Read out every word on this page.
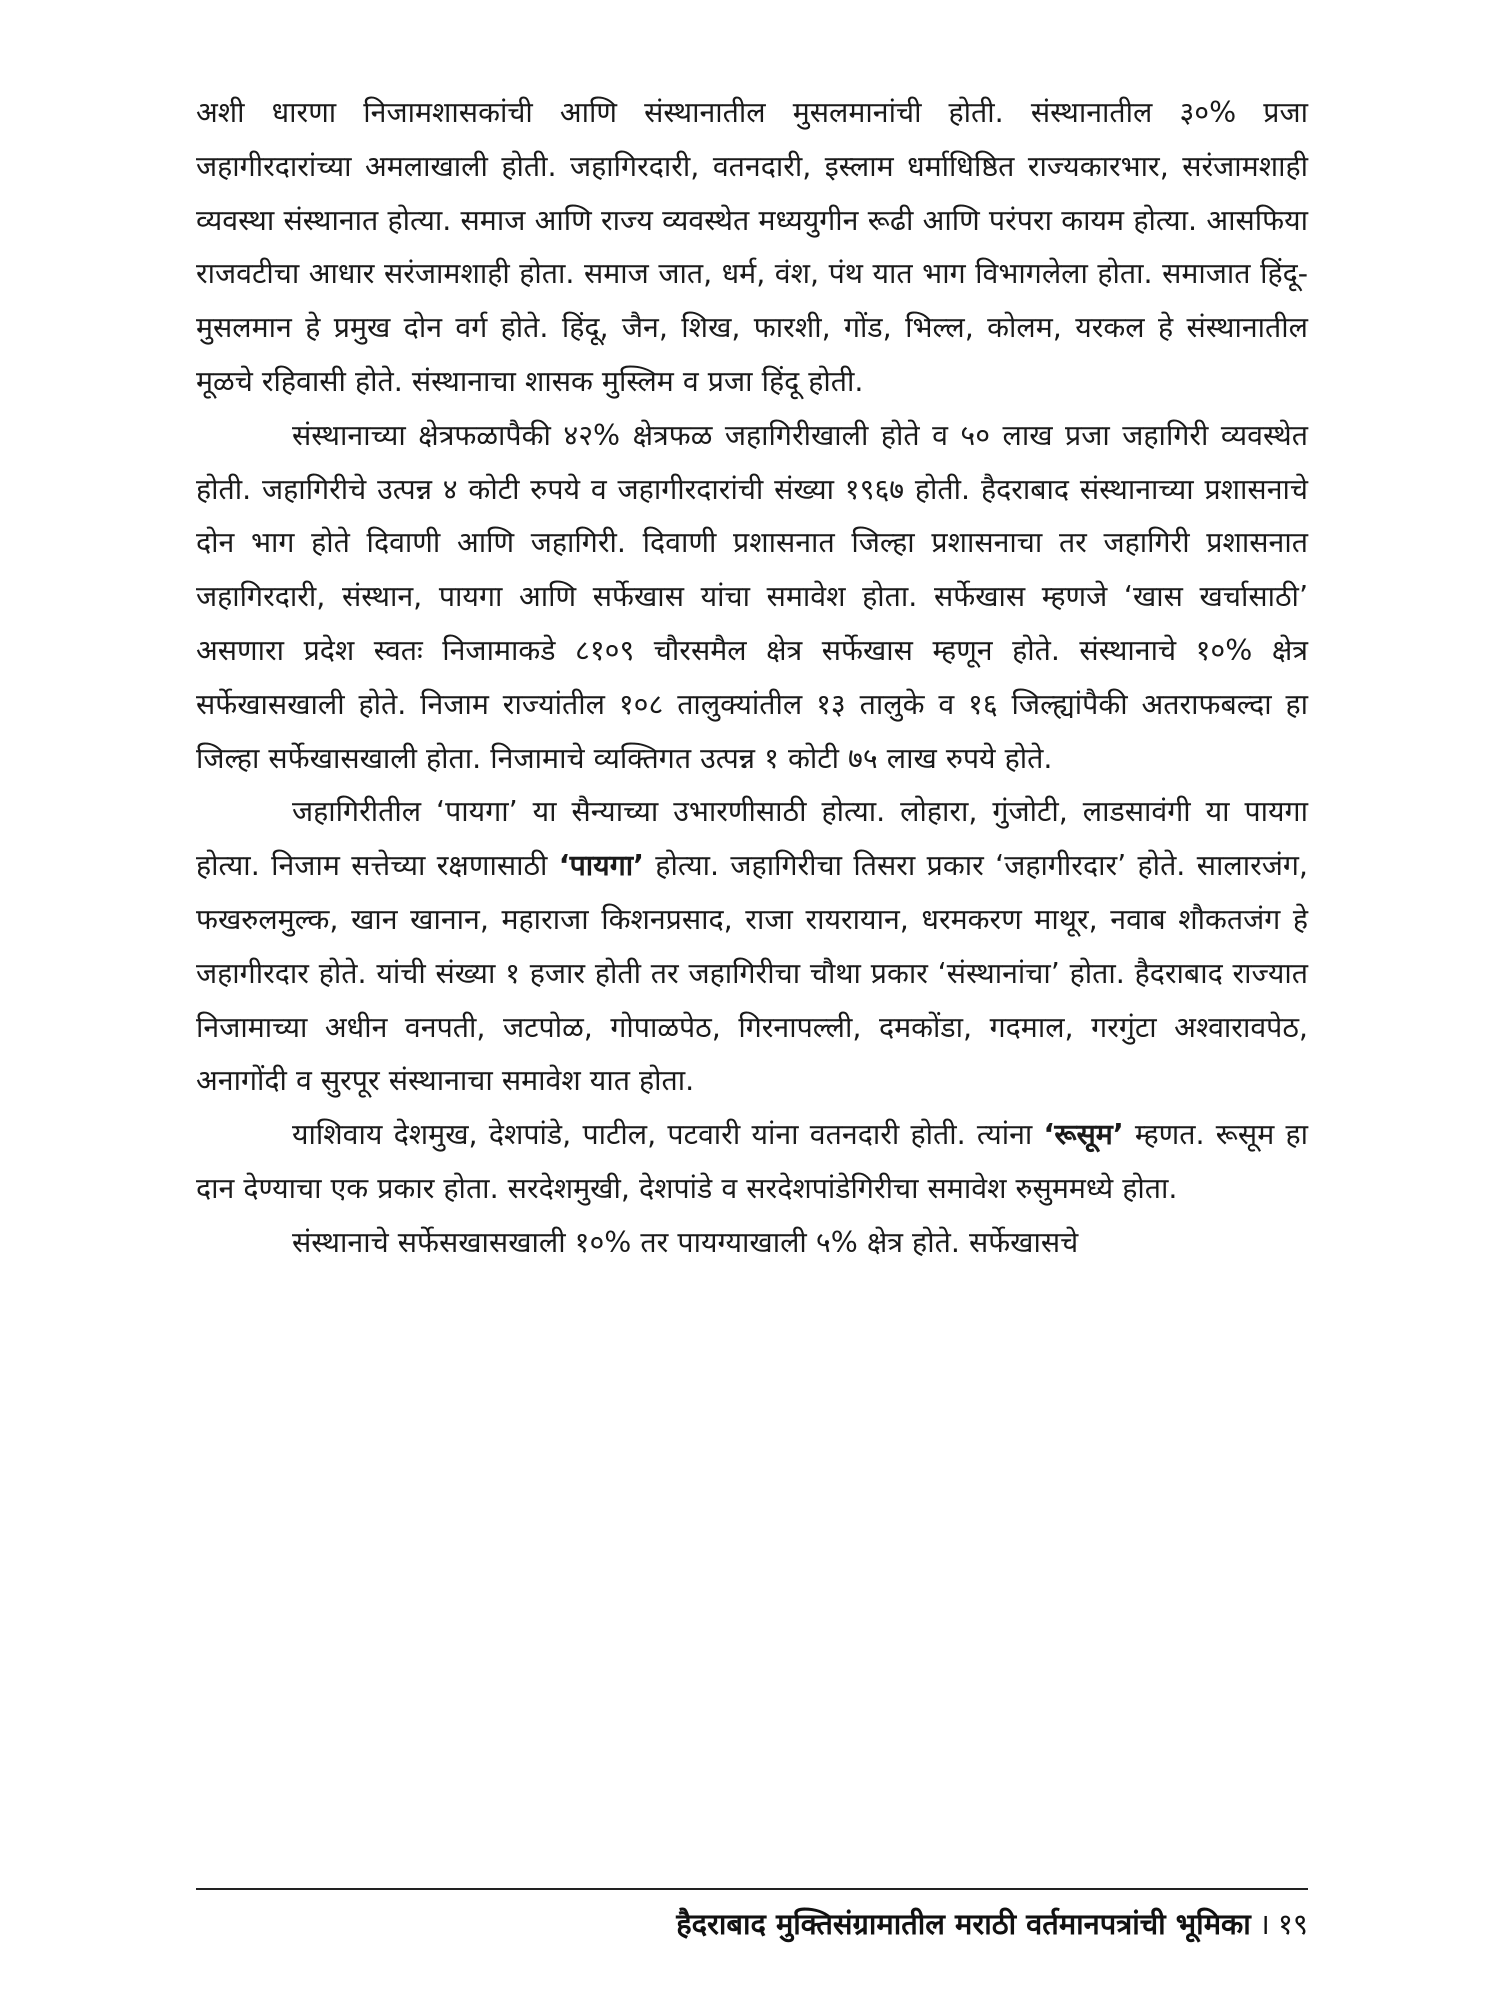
अशी धारणा निजामशासकांची आणि संस्थानातील मुसलमानांची होती. संस्थानातील ३०% प्रजा जहागीरदारांच्या अमलाखाली होती. जहागिरदारी, वतनदारी, इस्लाम धर्माधिष्ठित राज्यकारभार, सरंजामशाही व्यवस्था संस्थानात होत्या. समाज आणि राज्य व्यवस्थेत मध्ययुगीन रूढी आणि परंपरा कायम होत्या. आसफिया राजवटीचा आधार सरंजामशाही होता. समाज जात, धर्म, वंश, पंथ यात भाग विभागलेला होता. समाजात हिंदू-मुसलमान हे प्रमुख दोन वर्ग होते. हिंदू, जैन, शिख, फारशी, गोंड, भिल्ल, कोलम, यरकल हे संस्थानातील मूळचे रहिवासी होते. संस्थानाचा शासक मुस्लिम व प्रजा हिंदू होती.

संस्थानाच्या क्षेत्रफळापैकी ४२% क्षेत्रफळ जहागिरीखाली होते व ५० लाख प्रजा जहागिरी व्यवस्थेत होती. जहागिरीचे उत्पन्न ४ कोटी रुपये व जहागीरदारांची संख्या १९६७ होती. हैदराबाद संस्थानाच्या प्रशासनाचे दोन भाग होते दिवाणी आणि जहागिरी. दिवाणी प्रशासनात जिल्हा प्रशासनाचा तर जहागिरी प्रशासनात जहागिरदारी, संस्थान, पायगा आणि सर्फेखास यांचा समावेश होता. सर्फेखास म्हणजे ‘खास खर्चासाठी’ असणारा प्रदेश स्वतः निजामाकडे ८१०९ चौरसमैल क्षेत्र सर्फेखास म्हणून होते. संस्थानाचे १०% क्षेत्र सर्फेखासखाली होते. निजाम राज्यांतील १०८ तालुक्यांतील १३ तालुके व १६ जिल्ह्यांपैकी अतराफबल्दा हा जिल्हा सर्फेखासखाली होता. निजामाचे व्यक्तिगत उत्पन्न १ कोटी ७५ लाख रुपये होते.

जहागिरीतील ‘पायगा’ या सैन्याच्या उभारणीसाठी होत्या. लोहारा, गुंजोटी, लाडसावंगी या पायगा होत्या. निजाम सत्तेच्या रक्षणासाठी ‘पायगा’ होत्या. जहागिरीचा तिसरा प्रकार ‘जहागीरदार’ होते. सालारजंग, फखरुलमुल्क, खान खानान, महाराजा किशनप्रसाद, राजा रायरायान, धरमकरण माथूर, नवाब शौकतजंग हे जहागीरदार होते. यांची संख्या १ हजार होती तर जहागिरीचा चौथा प्रकार ‘संस्थानांचा’ होता. हैदराबाद राज्यात निजामाच्या अधीन वनपती, जटपोळ, गोपाळपेठ, गिरनापल्ली, दमकोंडा, गदमाल, गरगुंटा अश्वारावपेठ, अनागोंदी व सुरपूर संस्थानाचा समावेश यात होता.

याशिवाय देशमुख, देशपांडे, पाटील, पटवारी यांना वतनदारी होती. त्यांना ‘रूसूम’ म्हणत. रूसूम हा दान देण्याचा एक प्रकार होता. सरदेशमुखी, देशपांडे व सरदेशपांडेगिरीचा समावेश रुसुममध्ये होता.

संस्थानाचे सर्फेसखासखाली १०% तर पायग्याखाली ५% क्षेत्र होते. सर्फेखासचे

हैदराबाद मुक्तिसंग्रामातील मराठी वर्तमानपत्रांची भूमिका । १९
